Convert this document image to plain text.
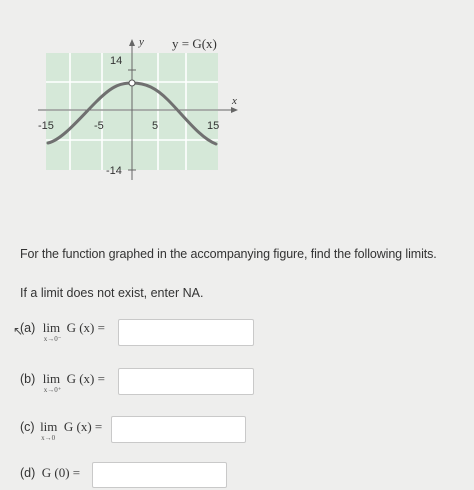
y = G(x)
y
x
14
-14
-15	-5	5	15
For the function graphed in the accompanying figure, find the following limits.
If a limit does not exist, enter NA.
↖
(a) lim
x→0⁻
G (x) =
(b) lim
x→0⁺
G (x) =
(c) lim
x→0
G (x) =
(d) G (0) =
